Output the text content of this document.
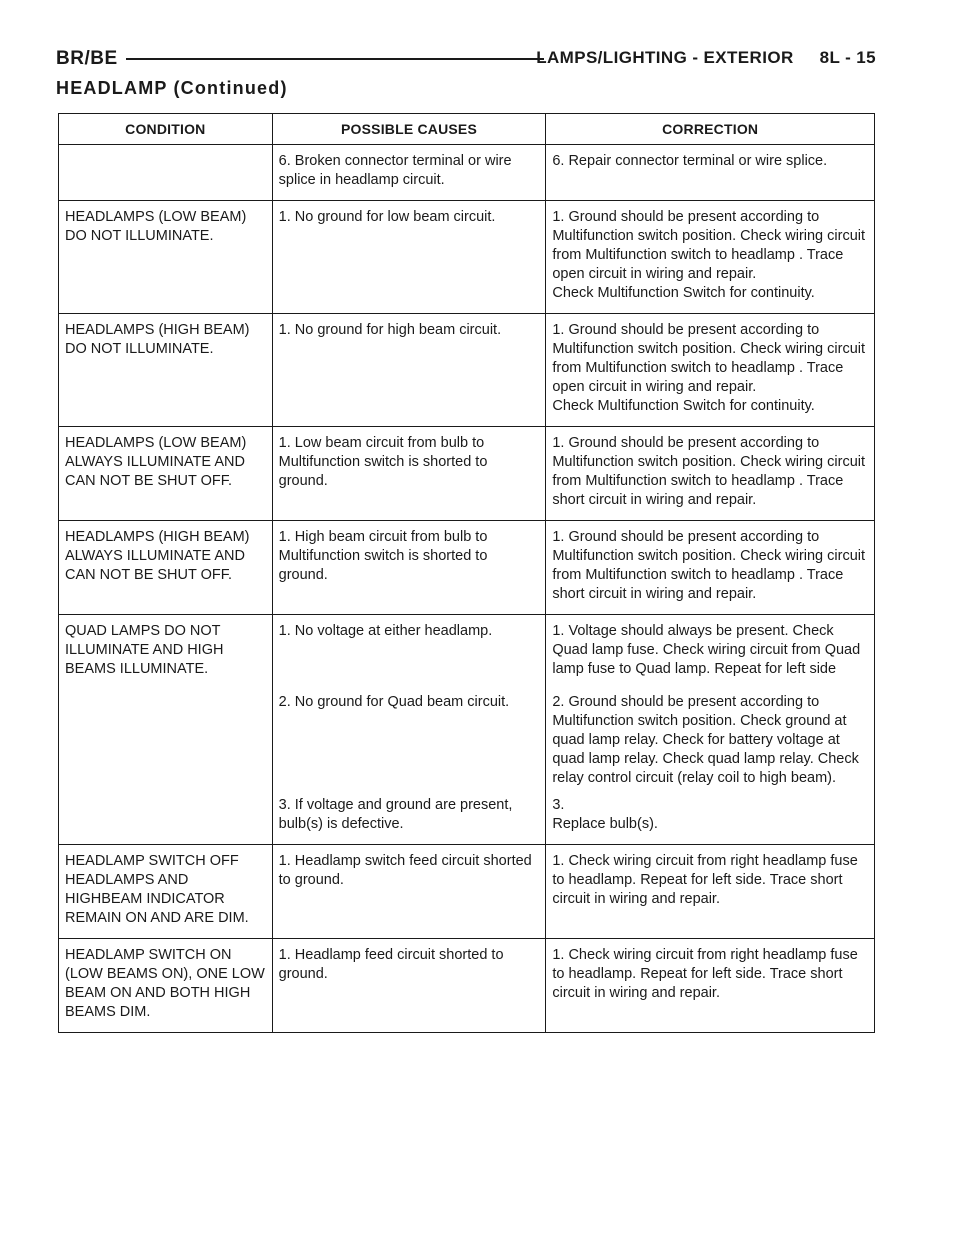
BR/BE	LAMPS/LIGHTING - EXTERIOR 8L - 15
HEADLAMP (Continued)
CONDITION	POSSIBLE CAUSES	CORRECTION
	6. Broken connector terminal or wire splice in headlamp circuit.	6. Repair connector terminal or wire splice.
HEADLAMPS (LOW BEAM) DO NOT ILLUMINATE.	1. No ground for low beam circuit.	1. Ground should be present according to Multifunction switch position. Check wiring circuit from Multifunction switch to headlamp . Trace open circuit in wiring and repair.
Check Multifunction Switch for continuity.

HEADLAMPS (HIGH BEAM) DO NOT ILLUMINATE.	1. No ground for high beam circuit.	1. Ground should be present according to Multifunction switch position. Check wiring circuit from Multifunction switch to headlamp . Trace open circuit in wiring and repair.
Check Multifunction Switch for continuity.

HEADLAMPS (LOW BEAM) ALWAYS ILLUMINATE AND CAN NOT BE SHUT OFF.	1. Low beam circuit from bulb to Multifunction switch is shorted to ground.	1. Ground should be present according to Multifunction switch position. Check wiring circuit from Multifunction switch to headlamp . Trace short circuit in wiring and repair.
HEADLAMPS (HIGH BEAM) ALWAYS ILLUMINATE AND CAN NOT BE SHUT OFF.	1. High beam circuit from bulb to Multifunction switch is shorted to ground.	1. Ground should be present according to Multifunction switch position. Check wiring circuit from Multifunction switch to headlamp . Trace short circuit in wiring and repair.
QUAD LAMPS DO NOT ILLUMINATE AND HIGH BEAMS ILLUMINATE.	1. No voltage at either headlamp.	1. Voltage should always be present. Check Quad lamp fuse. Check wiring circuit from Quad lamp fuse to Quad lamp. Repeat for left side
	2. No ground for Quad beam circuit.	2. Ground should be present according to Multifunction switch position. Check ground at quad lamp relay. Check for battery voltage at quad lamp relay. Check quad lamp relay. Check relay control circuit (relay coil to high beam).
	3. If voltage and ground are present, bulb(s) is defective.	3.
Replace bulb(s).

HEADLAMP SWITCH OFF HEADLAMPS AND HIGHBEAM INDICATOR REMAIN ON AND ARE DIM.	1. Headlamp switch feed circuit shorted to ground.	1. Check wiring circuit from right headlamp fuse to headlamp. Repeat for left side. Trace short circuit in wiring and repair.
HEADLAMP SWITCH ON (LOW BEAMS ON), ONE LOW BEAM ON AND BOTH HIGH BEAMS DIM.	1. Headlamp feed circuit shorted to ground.	1. Check wiring circuit from right headlamp fuse to headlamp. Repeat for left side. Trace short circuit in wiring and repair.
